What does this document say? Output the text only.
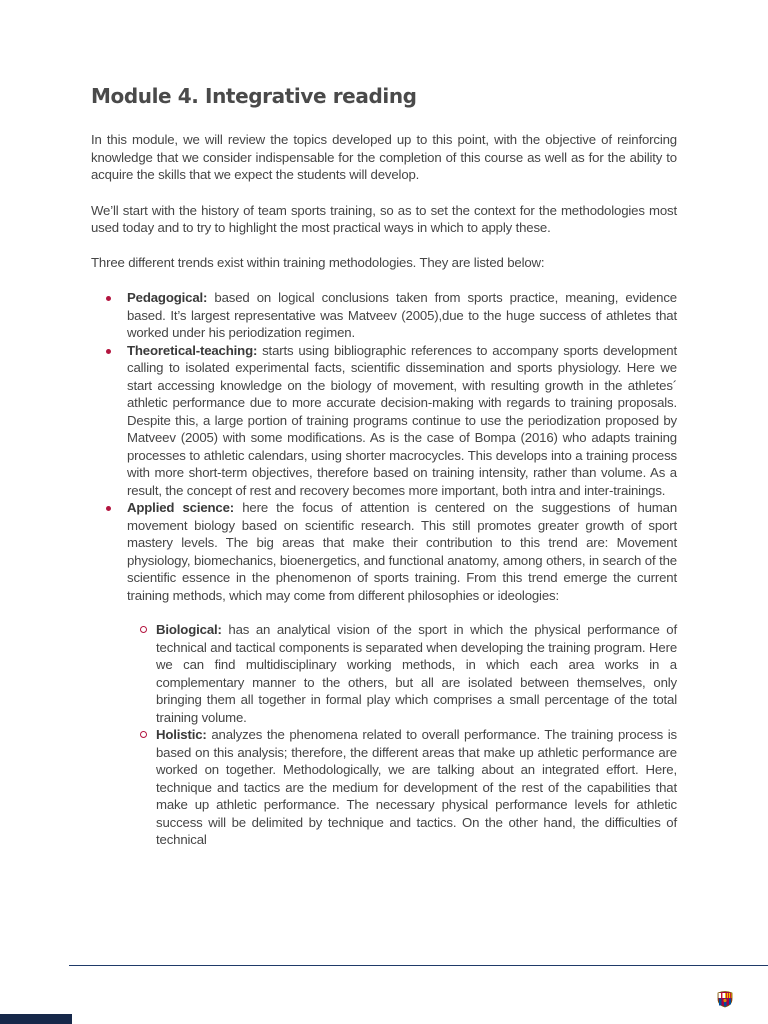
Module 4. Integrative reading

In this module, we will review the topics developed up to this point, with the objective of reinforcing knowledge that we consider indispensable for the completion of this course as well as for the ability to acquire the skills that we expect the students will develop.

We’ll start with the history of team sports training, so as to set the context for the methodologies most used today and to try to highlight the most practical ways in which to apply these.

Three different trends exist within training methodologies. They are listed below:

Pedagogical: based on logical conclusions taken from sports practice, meaning, evidence based. It’s largest representative was Matveev (2005),due to the huge success of athletes that worked under his periodization regimen.
Theoretical-teaching: starts using bibliographic references to accompany sports development calling to isolated experimental facts, scientific dissemination and sports physiology. Here we start accessing knowledge on the biology of movement, with resulting growth in the athletes´ athletic performance due to more accurate decision-making with regards to training proposals. Despite this, a large portion of training programs continue to use the periodization proposed by Matveev (2005) with some modifications. As is the case of Bompa (2016) who adapts training processes to athletic calendars, using shorter macrocycles. This develops into a training process with more short-term objectives, therefore based on training intensity, rather than volume. As a result, the concept of rest and recovery becomes more important, both intra and inter-trainings.
Applied science: here the focus of attention is centered on the suggestions of human movement biology based on scientific research. This still promotes greater growth of sport mastery levels. The big areas that make their contribution to this trend are: Movement physiology, biomechanics, bioenergetics, and functional anatomy, among others, in search of the scientific essence in the phenomenon of sports training. From this trend emerge the current training methods, which may come from different philosophies or ideologies:
Biological: has an analytical vision of the sport in which the physical performance of technical and tactical components is separated when developing the training program. Here we can find multidisciplinary working methods, in which each area works in a complementary manner to the others, but all are isolated between themselves, only bringing them all together in formal play which comprises a small percentage of the total training volume.
Holistic: analyzes the phenomena related to overall performance. The training process is based on this analysis; therefore, the different areas that make up athletic performance are worked on together. Methodologically, we are talking about an integrated effort. Here, technique and tactics are the medium for development of the rest of the capabilities that make up athletic performance. The necessary physical performance levels for athletic success will be delimited by technique and tactics. On the other hand, the difficulties of technical
